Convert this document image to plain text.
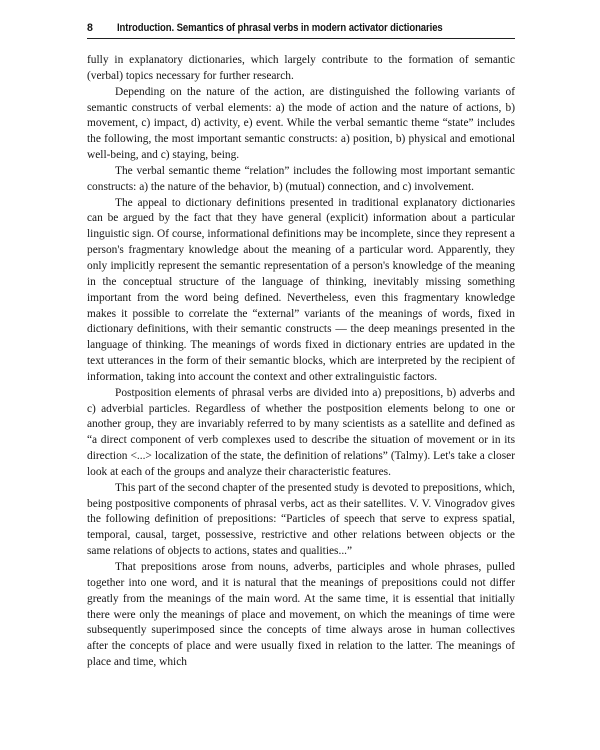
8	Introduction. Semantics of phrasal verbs in modern activator dictionaries

fully in explanatory dictionaries, which largely contribute to the formation of semantic (verbal) topics necessary for further research.

Depending on the nature of the action, are distinguished the following variants of semantic constructs of verbal elements: a) the mode of action and the nature of actions, b) movement, c) impact, d) activity, e) event. While the verbal semantic theme “state” includes the following, the most important semantic constructs: a) position, b) physical and emotional well-being, and c) staying, being.

The verbal semantic theme “relation” includes the following most important semantic constructs: a) the nature of the behavior, b) (mutual) connection, and c) involvement.

The appeal to dictionary definitions presented in traditional explanatory dictionaries can be argued by the fact that they have general (explicit) information about a particular linguistic sign. Of course, informational definitions may be incomplete, since they represent a person's fragmentary knowledge about the meaning of a particular word. Apparently, they only implicitly represent the semantic representation of a person's knowledge of the meaning in the conceptual structure of the language of thinking, inevitably missing something important from the word being defined. Nevertheless, even this fragmentary knowledge makes it possible to correlate the “external” variants of the meanings of words, fixed in dictionary definitions, with their semantic constructs — the deep meanings presented in the language of thinking. The meanings of words fixed in dictionary entries are updated in the text utterances in the form of their semantic blocks, which are interpreted by the recipient of information, taking into account the context and other extralinguistic factors.

Postposition elements of phrasal verbs are divided into a) prepositions, b) adverbs and c) adverbial particles. Regardless of whether the postposition elements belong to one or another group, they are invariably referred to by many scientists as a satellite and defined as “a direct component of verb complexes used to describe the situation of movement or in its direction <...> localization of the state, the definition of relations” (Talmy). Let's take a closer look at each of the groups and analyze their characteristic features.

This part of the second chapter of the presented study is devoted to prepositions, which, being postpositive components of phrasal verbs, act as their satellites. V. V. Vinogradov gives the following definition of prepositions: “Particles of speech that serve to express spatial, temporal, causal, target, possessive, restrictive and other relations between objects or the same relations of objects to actions, states and qualities...”

That prepositions arose from nouns, adverbs, participles and whole phrases, pulled together into one word, and it is natural that the meanings of prepositions could not differ greatly from the meanings of the main word. At the same time, it is essential that initially there were only the meanings of place and movement, on which the meanings of time were subsequently superimposed since the concepts of time always arose in human collectives after the concepts of place and were usually fixed in relation to the latter. The meanings of place and time, which
